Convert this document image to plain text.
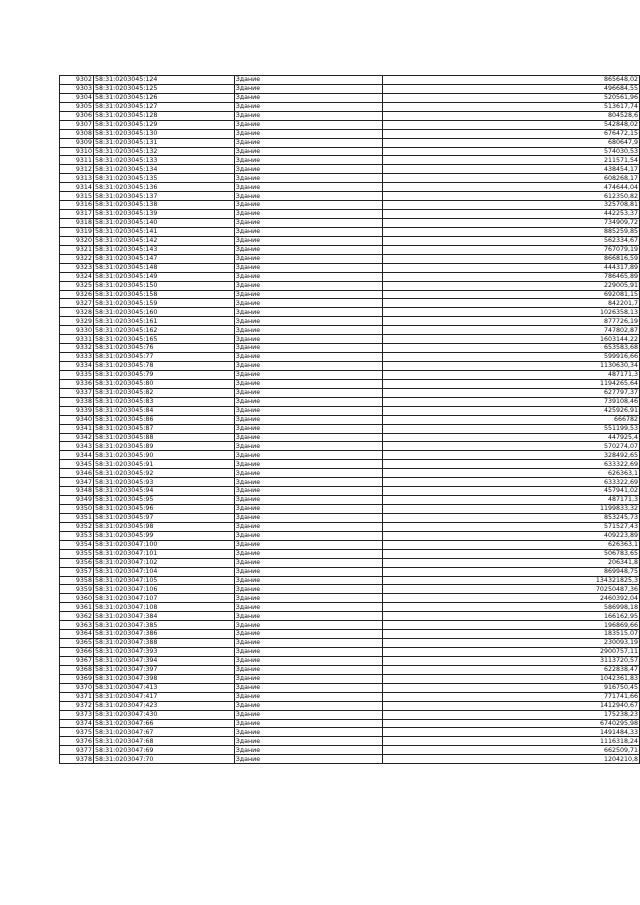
9302	58:31:0203045:124	Здание	865648,02
9303	58:31:0203045:125	Здание	496684,55
9304	58:31:0203045:126	Здание	520561,96
9305	58:31:0203045:127	Здание	513617,74
9306	58:31:0203045:128	Здание	804528,6
9307	58:31:0203045:129	Здание	542848,02
9308	58:31:0203045:130	Здание	676472,15
9309	58:31:0203045:131	Здание	680647,9
9310	58:31:0203045:132	Здание	574030,53
9311	58:31:0203045:133	Здание	211571,54
9312	58:31:0203045:134	Здание	438454,17
9313	58:31:0203045:135	Здание	608268,17
9314	58:31:0203045:136	Здание	474644,04
9315	58:31:0203045:137	Здание	612350,82
9316	58:31:0203045:138	Здание	325708,81
9317	58:31:0203045:139	Здание	442253,37
9318	58:31:0203045:140	Здание	734909,72
9319	58:31:0203045:141	Здание	885259,85
9320	58:31:0203045:142	Здание	562334,67
9321	58:31:0203045:143	Здание	767079,19
9322	58:31:0203045:147	Здание	866816,59
9323	58:31:0203045:148	Здание	444317,89
9324	58:31:0203045:149	Здание	786465,89
9325	58:31:0203045:150	Здание	229005,91
9326	58:31:0203045:158	Здание	692081,15
9327	58:31:0203045:159	Здание	842201,7
9328	58:31:0203045:160	Здание	1026358,13
9329	58:31:0203045:161	Здание	877726,19
9330	58:31:0203045:162	Здание	747802,87
9331	58:31:0203045:165	Здание	1603144,22
9332	58:31:0203045:76	Здание	653583,68
9333	58:31:0203045:77	Здание	599916,66
9334	58:31:0203045:78	Здание	1130630,34
9335	58:31:0203045:79	Здание	487171,3
9336	58:31:0203045:80	Здание	1194265,64
9337	58:31:0203045:82	Здание	627797,37
9338	58:31:0203045:83	Здание	739108,46
9339	58:31:0203045:84	Здание	425926,91
9340	58:31:0203045:86	Здание	666782
9341	58:31:0203045:87	Здание	551199,53
9342	58:31:0203045:88	Здание	447925,4
9343	58:31:0203045:89	Здание	570274,07
9344	58:31:0203045:90	Здание	328492,65
9345	58:31:0203045:91	Здание	633322,69
9346	58:31:0203045:92	Здание	626363,1
9347	58:31:0203045:93	Здание	633322,69
9348	58:31:0203045:94	Здание	457941,02
9349	58:31:0203045:95	Здание	487171,3
9350	58:31:0203045:96	Здание	1199833,32
9351	58:31:0203045:97	Здание	853245,73
9352	58:31:0203045:98	Здание	571527,43
9353	58:31:0203045:99	Здание	409223,89
9354	58:31:0203047:100	Здание	626363,1
9355	58:31:0203047:101	Здание	506783,65
9356	58:31:0203047:102	Здание	206341,8
9357	58:31:0203047:104	Здание	869948,75
9358	58:31:0203047:105	Здание	134321825,3
9359	58:31:0203047:106	Здание	70250487,36
9360	58:31:0203047:107	Здание	2460392,04
9361	58:31:0203047:108	Здание	586998,18
9362	58:31:0203047:384	Здание	166162,95
9363	58:31:0203047:385	Здание	196869,66
9364	58:31:0203047:386	Здание	183515,07
9365	58:31:0203047:388	Здание	230093,19
9366	58:31:0203047:393	Здание	2900757,11
9367	58:31:0203047:394	Здание	3113720,57
9368	58:31:0203047:397	Здание	622838,47
9369	58:31:0203047:398	Здание	1042361,83
9370	58:31:0203047:413	Здание	916750,45
9371	58:31:0203047:417	Здание	771741,66
9372	58:31:0203047:423	Здание	1412940,67
9373	58:31:0203047:430	Здание	175238,23
9374	58:31:0203047:66	Здание	6740295,98
9375	58:31:0203047:67	Здание	1491484,33
9376	58:31:0203047:68	Здание	1116318,24
9377	58:31:0203047:69	Здание	662509,71
9378	58:31:0203047:70	Здание	1204210,8
